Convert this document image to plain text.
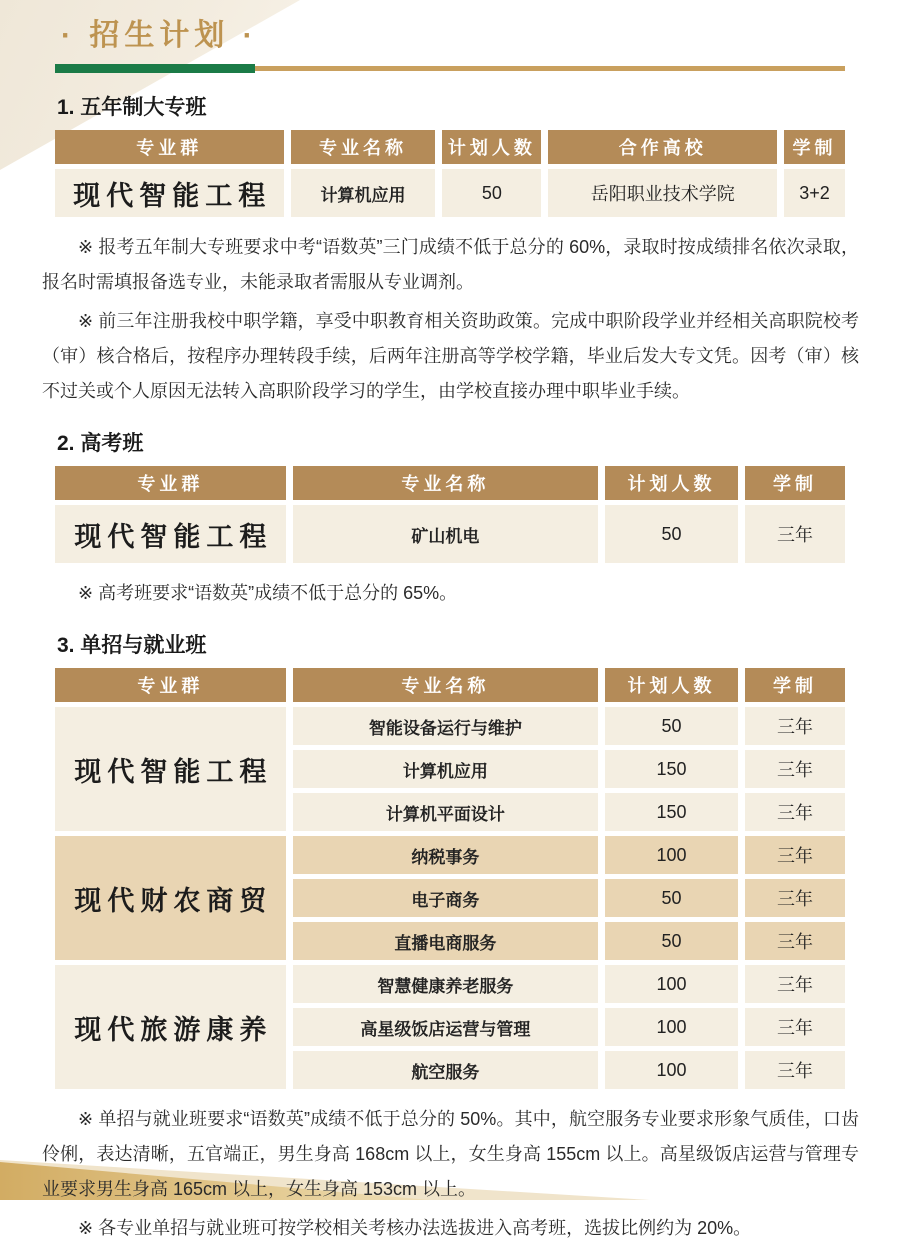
· 招生计划 ·
1. 五年制大专班
专业群	专业名称	计划人数	合作高校	学制
现代智能工程	计算机应用	50	岳阳职业技术学院	3+2

※ 报考五年制大专班要求中考“语数英”三门成绩不低于总分的 60%，录取时按成绩排名依次录取，报名时需填报备选专业，未能录取者需服从专业调剂。

※ 前三年注册我校中职学籍，享受中职教育相关资助政策。完成中职阶段学业并经相关高职院校考（审）核合格后，按程序办理转段手续，后两年注册高等学校学籍，毕业后发大专文凭。因考（审）核不过关或个人原因无法转入高职阶段学习的学生，由学校直接办理中职毕业手续。

2. 高考班
专业群	专业名称	计划人数	学制
现代智能工程	矿山机电	50	三年

※ 高考班要求“语数英”成绩不低于总分的 65%。

3. 单招与就业班
专业群	专业名称	计划人数	学制
现代智能工程	智能设备运行与维护	50	三年
	计算机应用	150	三年
	计算机平面设计	150	三年
现代财农商贸	纳税事务	100	三年
	电子商务	50	三年
	直播电商服务	50	三年
现代旅游康养	智慧健康养老服务	100	三年
	高星级饭店运营与管理	100	三年
	航空服务	100	三年

※ 单招与就业班要求“语数英”成绩不低于总分的 50%。其中，航空服务专业要求形象气质佳，口齿伶俐，表达清晰，五官端正，男生身高 168cm 以上，女生身高 155cm 以上。高星级饭店运营与管理专业要求男生身高 165cm 以上，女生身高 153cm 以上。

※ 各专业单招与就业班可按学校相关考核办法选拔进入高考班，选拔比例约为 20%。
